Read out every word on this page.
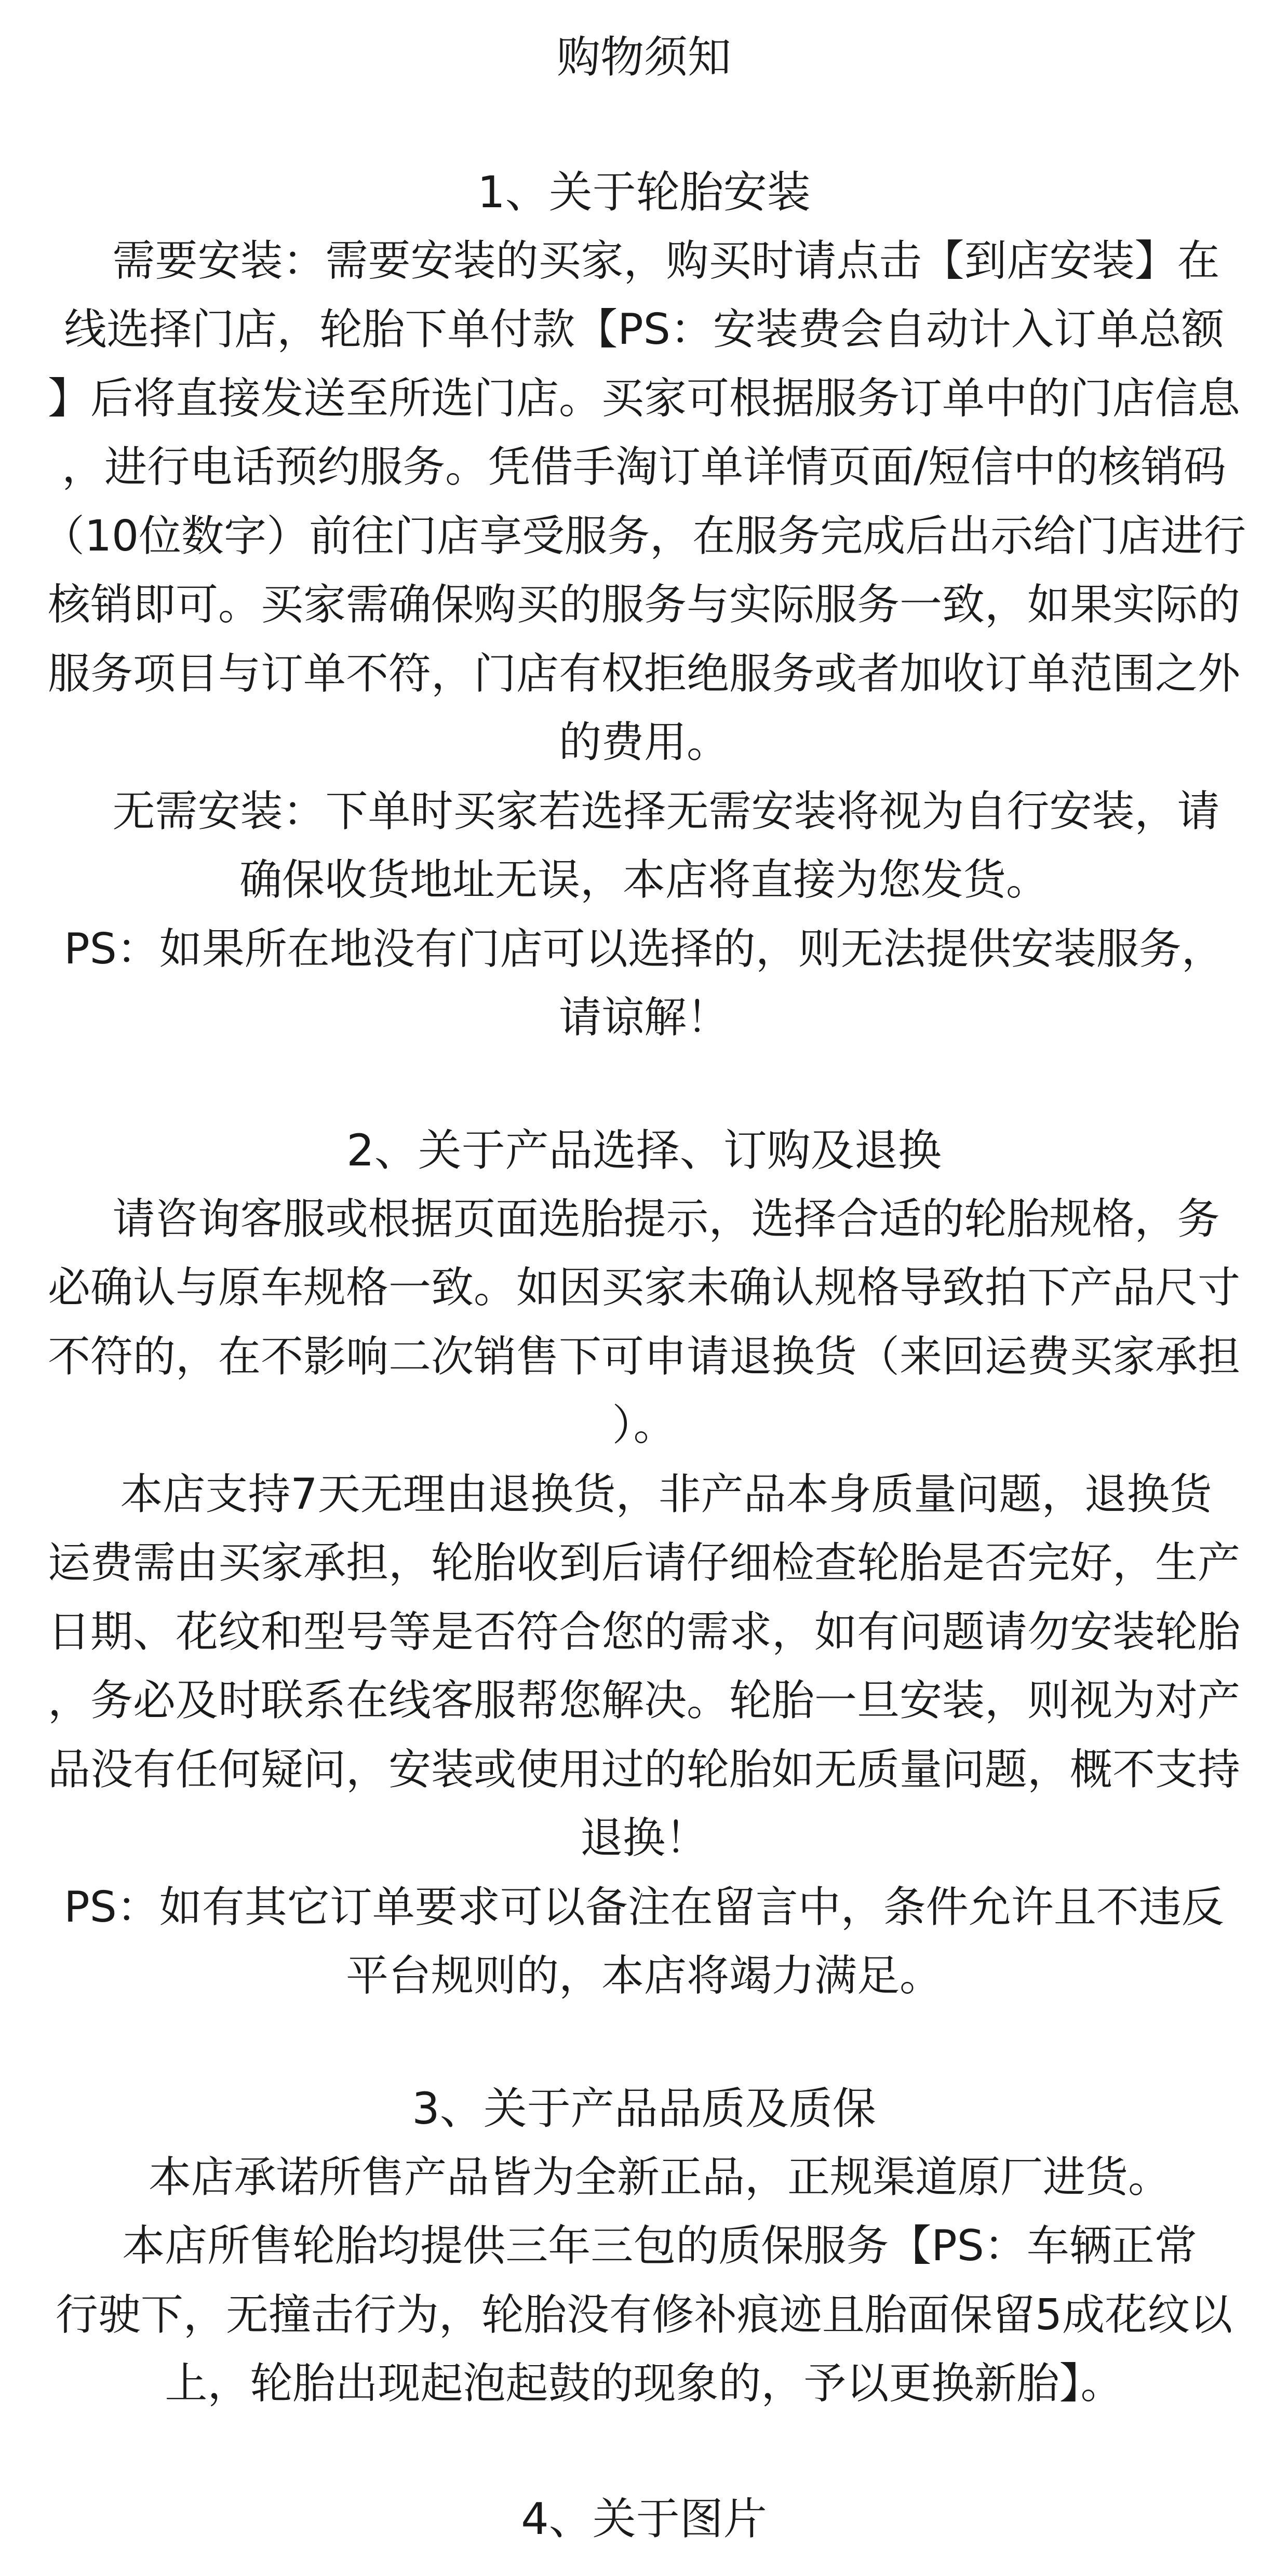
购物须知
1、关于轮胎安装
需要安装：需要安装的买家，购买时请点击【到店安装】在
线选择门店，轮胎下单付款【PS：安装费会自动计入订单总额
】后将直接发送至所选门店。买家可根据服务订单中的门店信息
，进行电话预约服务。凭借手淘订单详情页面/短信中的核销码
（10位数字）前往门店享受服务，在服务完成后出示给门店进行
核销即可。买家需确保购买的服务与实际服务一致，如果实际的
服务项目与订单不符，门店有权拒绝服务或者加收订单范围之外
的费用。
无需安装：下单时买家若选择无需安装将视为自行安装，请
确保收货地址无误，本店将直接为您发货。
PS：如果所在地没有门店可以选择的，则无法提供安装服务，
请谅解！
2、关于产品选择、订购及退换
请咨询客服或根据页面选胎提示，选择合适的轮胎规格，务
必确认与原车规格一致。如因买家未确认规格导致拍下产品尺寸
不符的，在不影响二次销售下可申请退换货（来回运费买家承担
）。
本店支持7天无理由退换货，非产品本身质量问题，退换货
运费需由买家承担，轮胎收到后请仔细检查轮胎是否完好，生产
日期、花纹和型号等是否符合您的需求，如有问题请勿安装轮胎
，务必及时联系在线客服帮您解决。轮胎一旦安装，则视为对产
品没有任何疑问，安装或使用过的轮胎如无质量问题，概不支持
退换！
PS：如有其它订单要求可以备注在留言中，条件允许且不违反
平台规则的，本店将竭力满足。
3、关于产品品质及质保
本店承诺所售产品皆为全新正品，正规渠道原厂进货。
本店所售轮胎均提供三年三包的质保服务【PS：车辆正常
行驶下，无撞击行为，轮胎没有修补痕迹且胎面保留5成花纹以
上，轮胎出现起泡起鼓的现象的，予以更换新胎】。
4、关于图片
